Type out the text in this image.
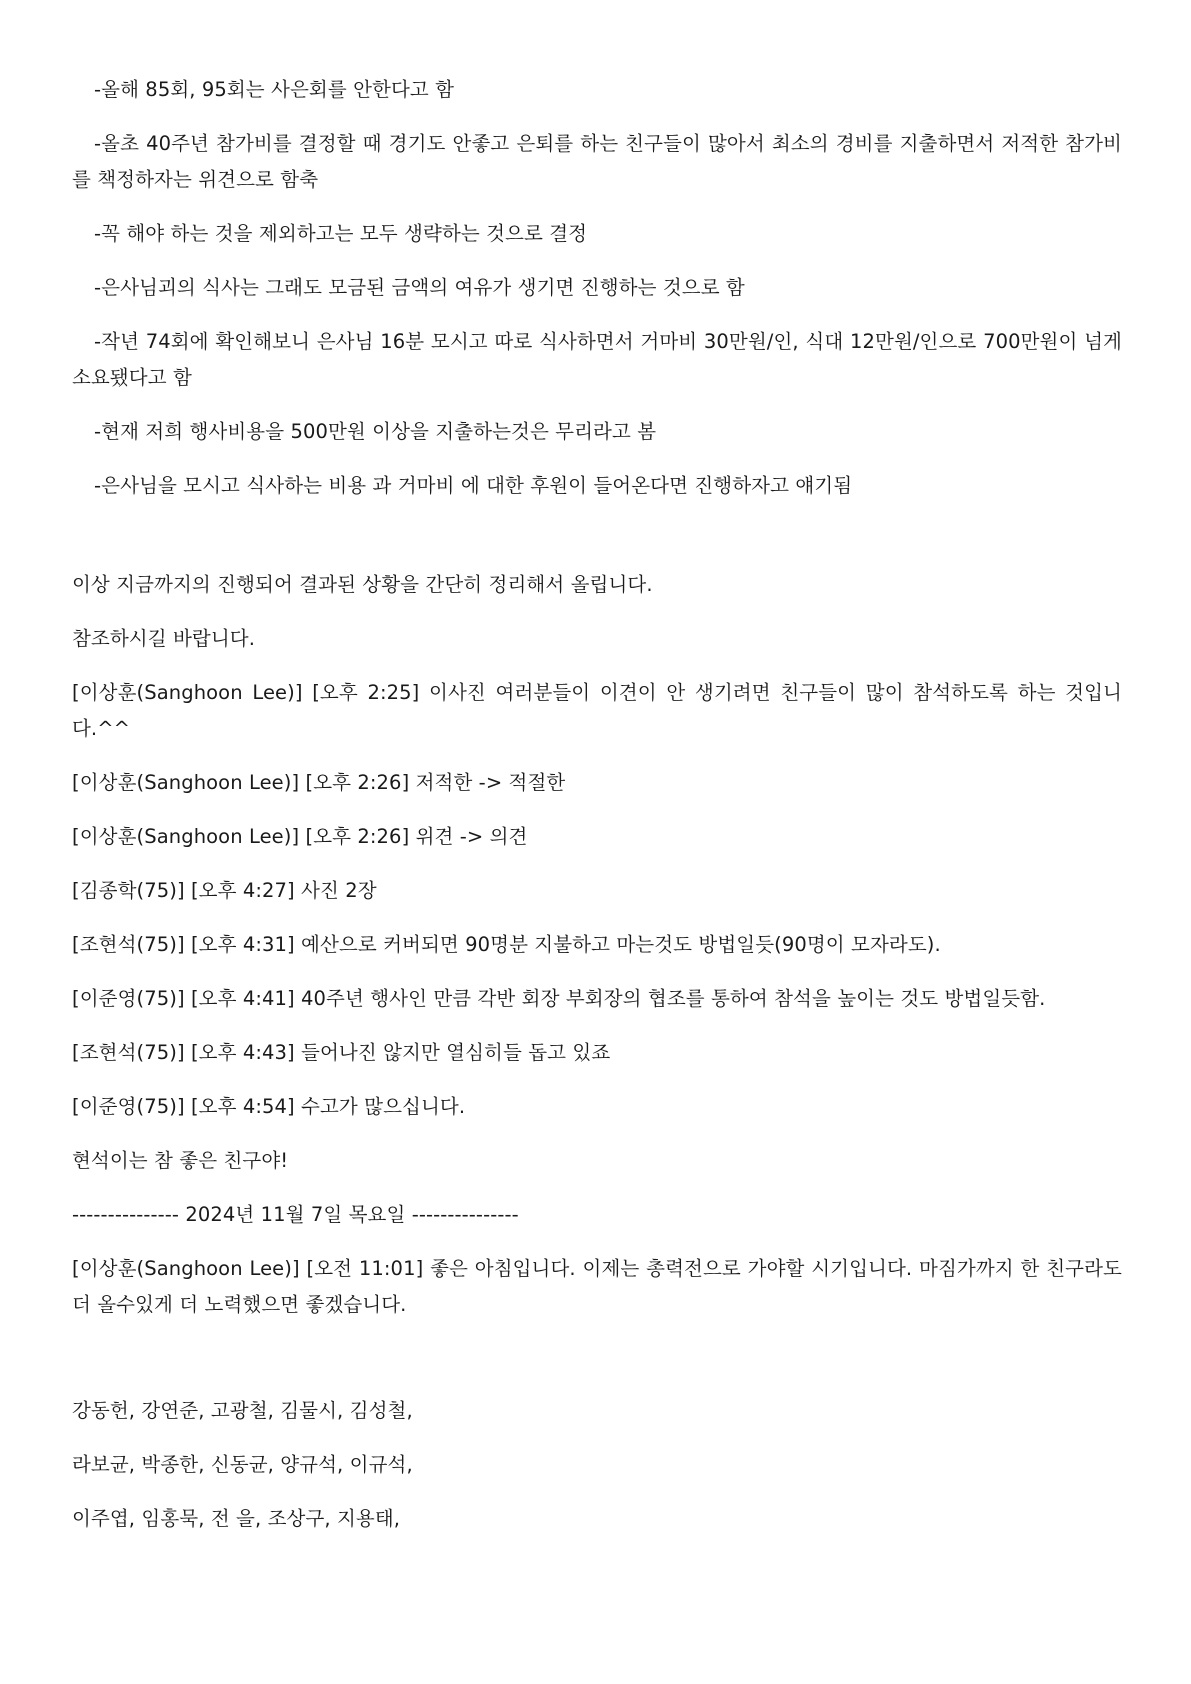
-올해 85회, 95회는 사은회를 안한다고 함

-올초 40주년 참가비를 결정할 때 경기도 안좋고 은퇴를 하는 친구들이 많아서 최소의 경비를 지출하면서 저적한 참가비를 책정하자는 위견으로 함축

-꼭 해야 하는 것을 제외하고는 모두 생략하는 것으로 결정

-은사님괴의 식사는 그래도 모금된 금액의 여유가 생기면 진행하는 것으로 함

-작년 74회에 확인해보니 은사님 16분 모시고 따로 식사하면서 거마비 30만원/인, 식대 12만원/인으로 700만원이 넘게 소요됐다고 함

-현재 저희 행사비용을 500만원 이상을 지출하는것은 무리라고 봄

-은사님을 모시고 식사하는 비용 과 거마비 에 대한 후원이 들어온다면 진행하자고 얘기됨

이상 지금까지의 진행되어 결과된 상황을 간단히 정리해서 올립니다.

참조하시길 바랍니다.

[이상훈(Sanghoon Lee)] [오후 2:25] 이사진 여러분들이 이견이 안 생기려면 친구들이 많이 참석하도록 하는 것입니다.^^

[이상훈(Sanghoon Lee)] [오후 2:26] 저적한 -> 적절한

[이상훈(Sanghoon Lee)] [오후 2:26] 위견 -> 의견

[김종학(75)] [오후 4:27] 사진 2장

[조현석(75)] [오후 4:31] 예산으로 커버되면 90명분 지불하고 마는것도 방법일듯(90명이 모자라도).

[이준영(75)] [오후 4:41] 40주년 행사인 만큼 각반 회장 부회장의 협조를 통하여 참석을 높이는 것도 방법일듯함.

[조현석(75)] [오후 4:43] 들어나진 않지만 열심히들 돕고 있죠

[이준영(75)] [오후 4:54] 수고가 많으십니다.

현석이는 참 좋은 친구야!

--------------- 2024년 11월 7일 목요일 ---------------

[이상훈(Sanghoon Lee)] [오전 11:01] 좋은 아침입니다. 이제는 총력전으로 가야할 시기입니다. 마짐가까지 한 친구라도 더 올수있게 더 노력했으면 좋겠습니다.

강동헌, 강연준, 고광철, 김물시, 김성철,

라보균, 박종한, 신동균, 양규석, 이규석,

이주엽, 임홍묵, 전 을, 조상구, 지용태,
